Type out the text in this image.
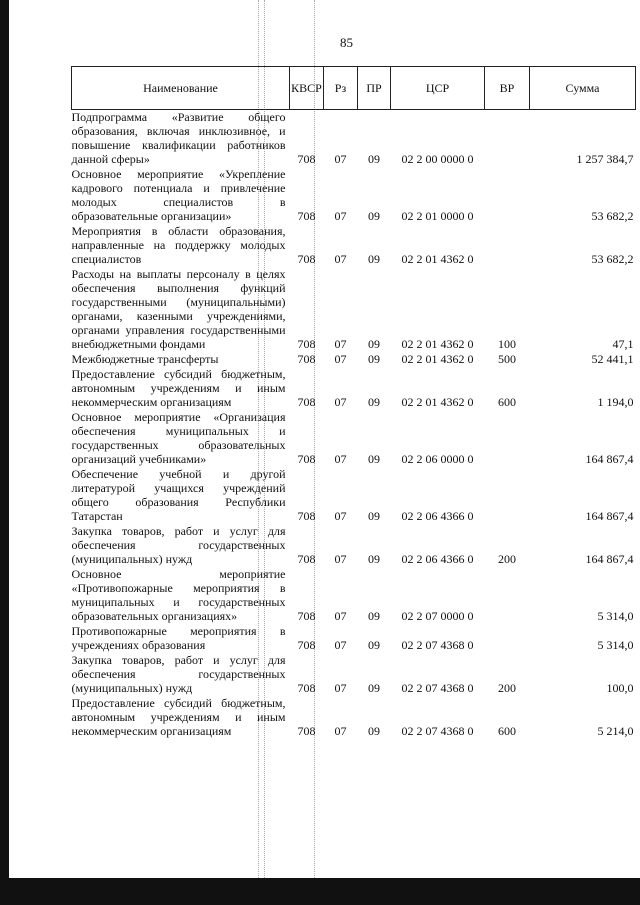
85
Наименование	КВСР	Рз	ПР	ЦСР	ВР	Сумма
Подпрограмма «Развитие общего образования, включая инклюзивное, и повышение квалификации работников данной сферы»	708	07	09	02 2 00 0000 0		1 257 384,7
Основное мероприятие «Укрепление кадрового потенциала и привлечение молодых специалистов в образовательные организации»	708	07	09	02 2 01 0000 0		53 682,2
Мероприятия в области образования, направленные на поддержку молодых специалистов	708	07	09	02 2 01 4362 0		53 682,2
Расходы на выплаты персоналу в целях обеспечения выполнения функций государственными (муниципальными) органами, казенными учреждениями, органами управления государственными внебюджетными фондами	708	07	09	02 2 01 4362 0	100	47,1
Межбюджетные трансферты	708	07	09	02 2 01 4362 0	500	52 441,1
Предоставление субсидий бюджетным, автономным учреждениям и иным некоммерческим организациям	708	07	09	02 2 01 4362 0	600	1 194,0
Основное мероприятие «Организация обеспечения муниципальных и государственных образовательных организаций учебниками»	708	07	09	02 2 06 0000 0		164 867,4
Обеспечение учебной и другой литературой учащихся учреждений общего образования Республики Татарстан	708	07	09	02 2 06 4366 0		164 867,4
Закупка товаров, работ и услуг для обеспечения государственных (муниципальных) нужд	708	07	09	02 2 06 4366 0	200	164 867,4
Основное мероприятие «Противопожарные мероприятия в муниципальных и государственных образовательных организациях»	708	07	09	02 2 07 0000 0		5 314,0
Противопожарные мероприятия в учреждениях образования	708	07	09	02 2 07 4368 0		5 314,0
Закупка товаров, работ и услуг для обеспечения государственных (муниципальных) нужд	708	07	09	02 2 07 4368 0	200	100,0
Предоставление субсидий бюджетным, автономным учреждениям и иным некоммерческим организациям	708	07	09	02 2 07 4368 0	600	5 214,0
